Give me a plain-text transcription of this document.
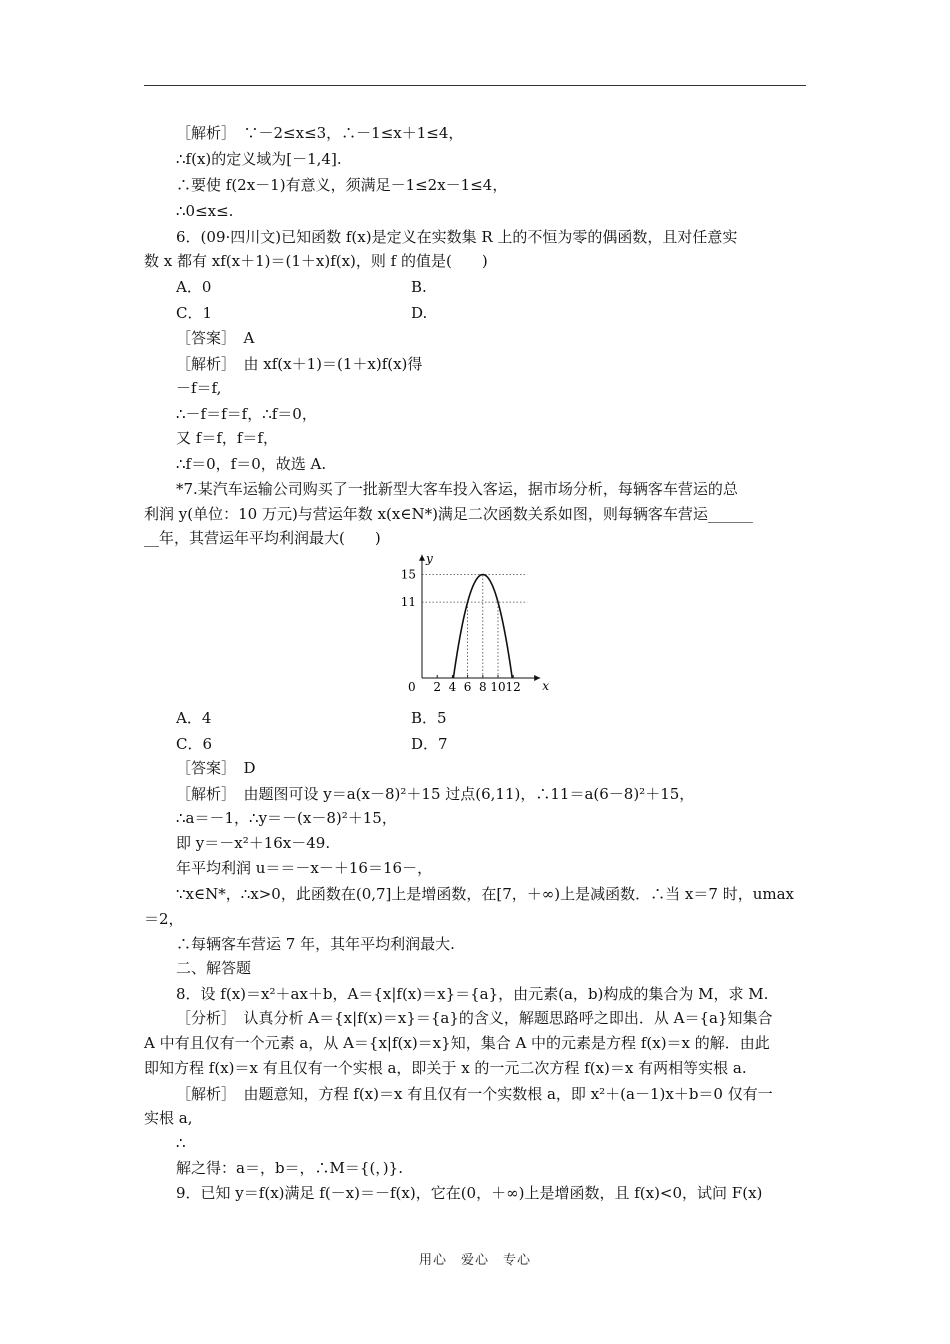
［解析］　∵－2≤x≤3，∴－1≤x＋1≤4，
∴f(x)的定义域为[－1,4].
∴要使 f(2x－1)有意义，须满足－1≤2x－1≤4，
∴0≤x≤.
6．(09·四川文)已知函数 f(x)是定义在实数集 R 上的不恒为零的偶函数，且对任意实
数 x 都有 xf(x＋1)＝(1＋x)f(x)，则 f 的值是(　　)
A．0	B.
C．1	D.
［答案］　A
［解析］　由 xf(x＋1)＝(1＋x)f(x)得
－f＝f,
∴－f＝f＝f，∴f＝0，
又 f＝f，f＝f，
∴f＝0，f＝0，故选 A.
*7.某汽车运输公司购买了一批新型大客车投入客运，据市场分析，每辆客车营运的总
利润 y(单位：10 万元)与营运年数 x(x∈N*)满足二次函数关系如图，则每辆客车营运______
__年，其营运年平均利润最大(　　)
x
y
0 2 4 6 8 10 12
11
15
A．4	B．5
C．6	D．7
［答案］　D
［解析］　由题图可设 y＝a(x－8)²＋15 过点(6,11)，∴11＝a(6－8)²＋15，
∴a＝－1，∴y＝－(x－8)²＋15，
即 y＝－x²＋16x－49.
年平均利润 u＝＝－x－＋16＝16－，
∵x∈N*，∴x>0，此函数在(0,7]上是增函数，在[7，＋∞)上是减函数．∴当 x＝7 时，umax
＝2，
∴每辆客车营运 7 年，其年平均利润最大.
二、解答题
8．设 f(x)＝x²＋ax＋b，A＝{x|f(x)＝x}＝{a}，由元素(a，b)构成的集合为 M，求 M.
［分析］　认真分析 A＝{x|f(x)＝x}＝{a}的含义，解题思路呼之即出．从 A＝{a}知集合
A 中有且仅有一个元素 a，从 A＝{x|f(x)＝x}知，集合 A 中的元素是方程 f(x)＝x 的解．由此
即知方程 f(x)＝x 有且仅有一个实根 a，即关于 x 的一元二次方程 f(x)＝x 有两相等实根 a.
［解析］　由题意知，方程 f(x)＝x 有且仅有一个实数根 a，即 x²＋(a－1)x＋b＝0 仅有一
实根 a,
∴
解之得：a＝，b＝，∴M＝{(，)}.
9．已知 y＝f(x)满足 f(－x)＝－f(x)，它在(0，＋∞)上是增函数，且 f(x)<0，试问 F(x)
用心　爱心　专心
